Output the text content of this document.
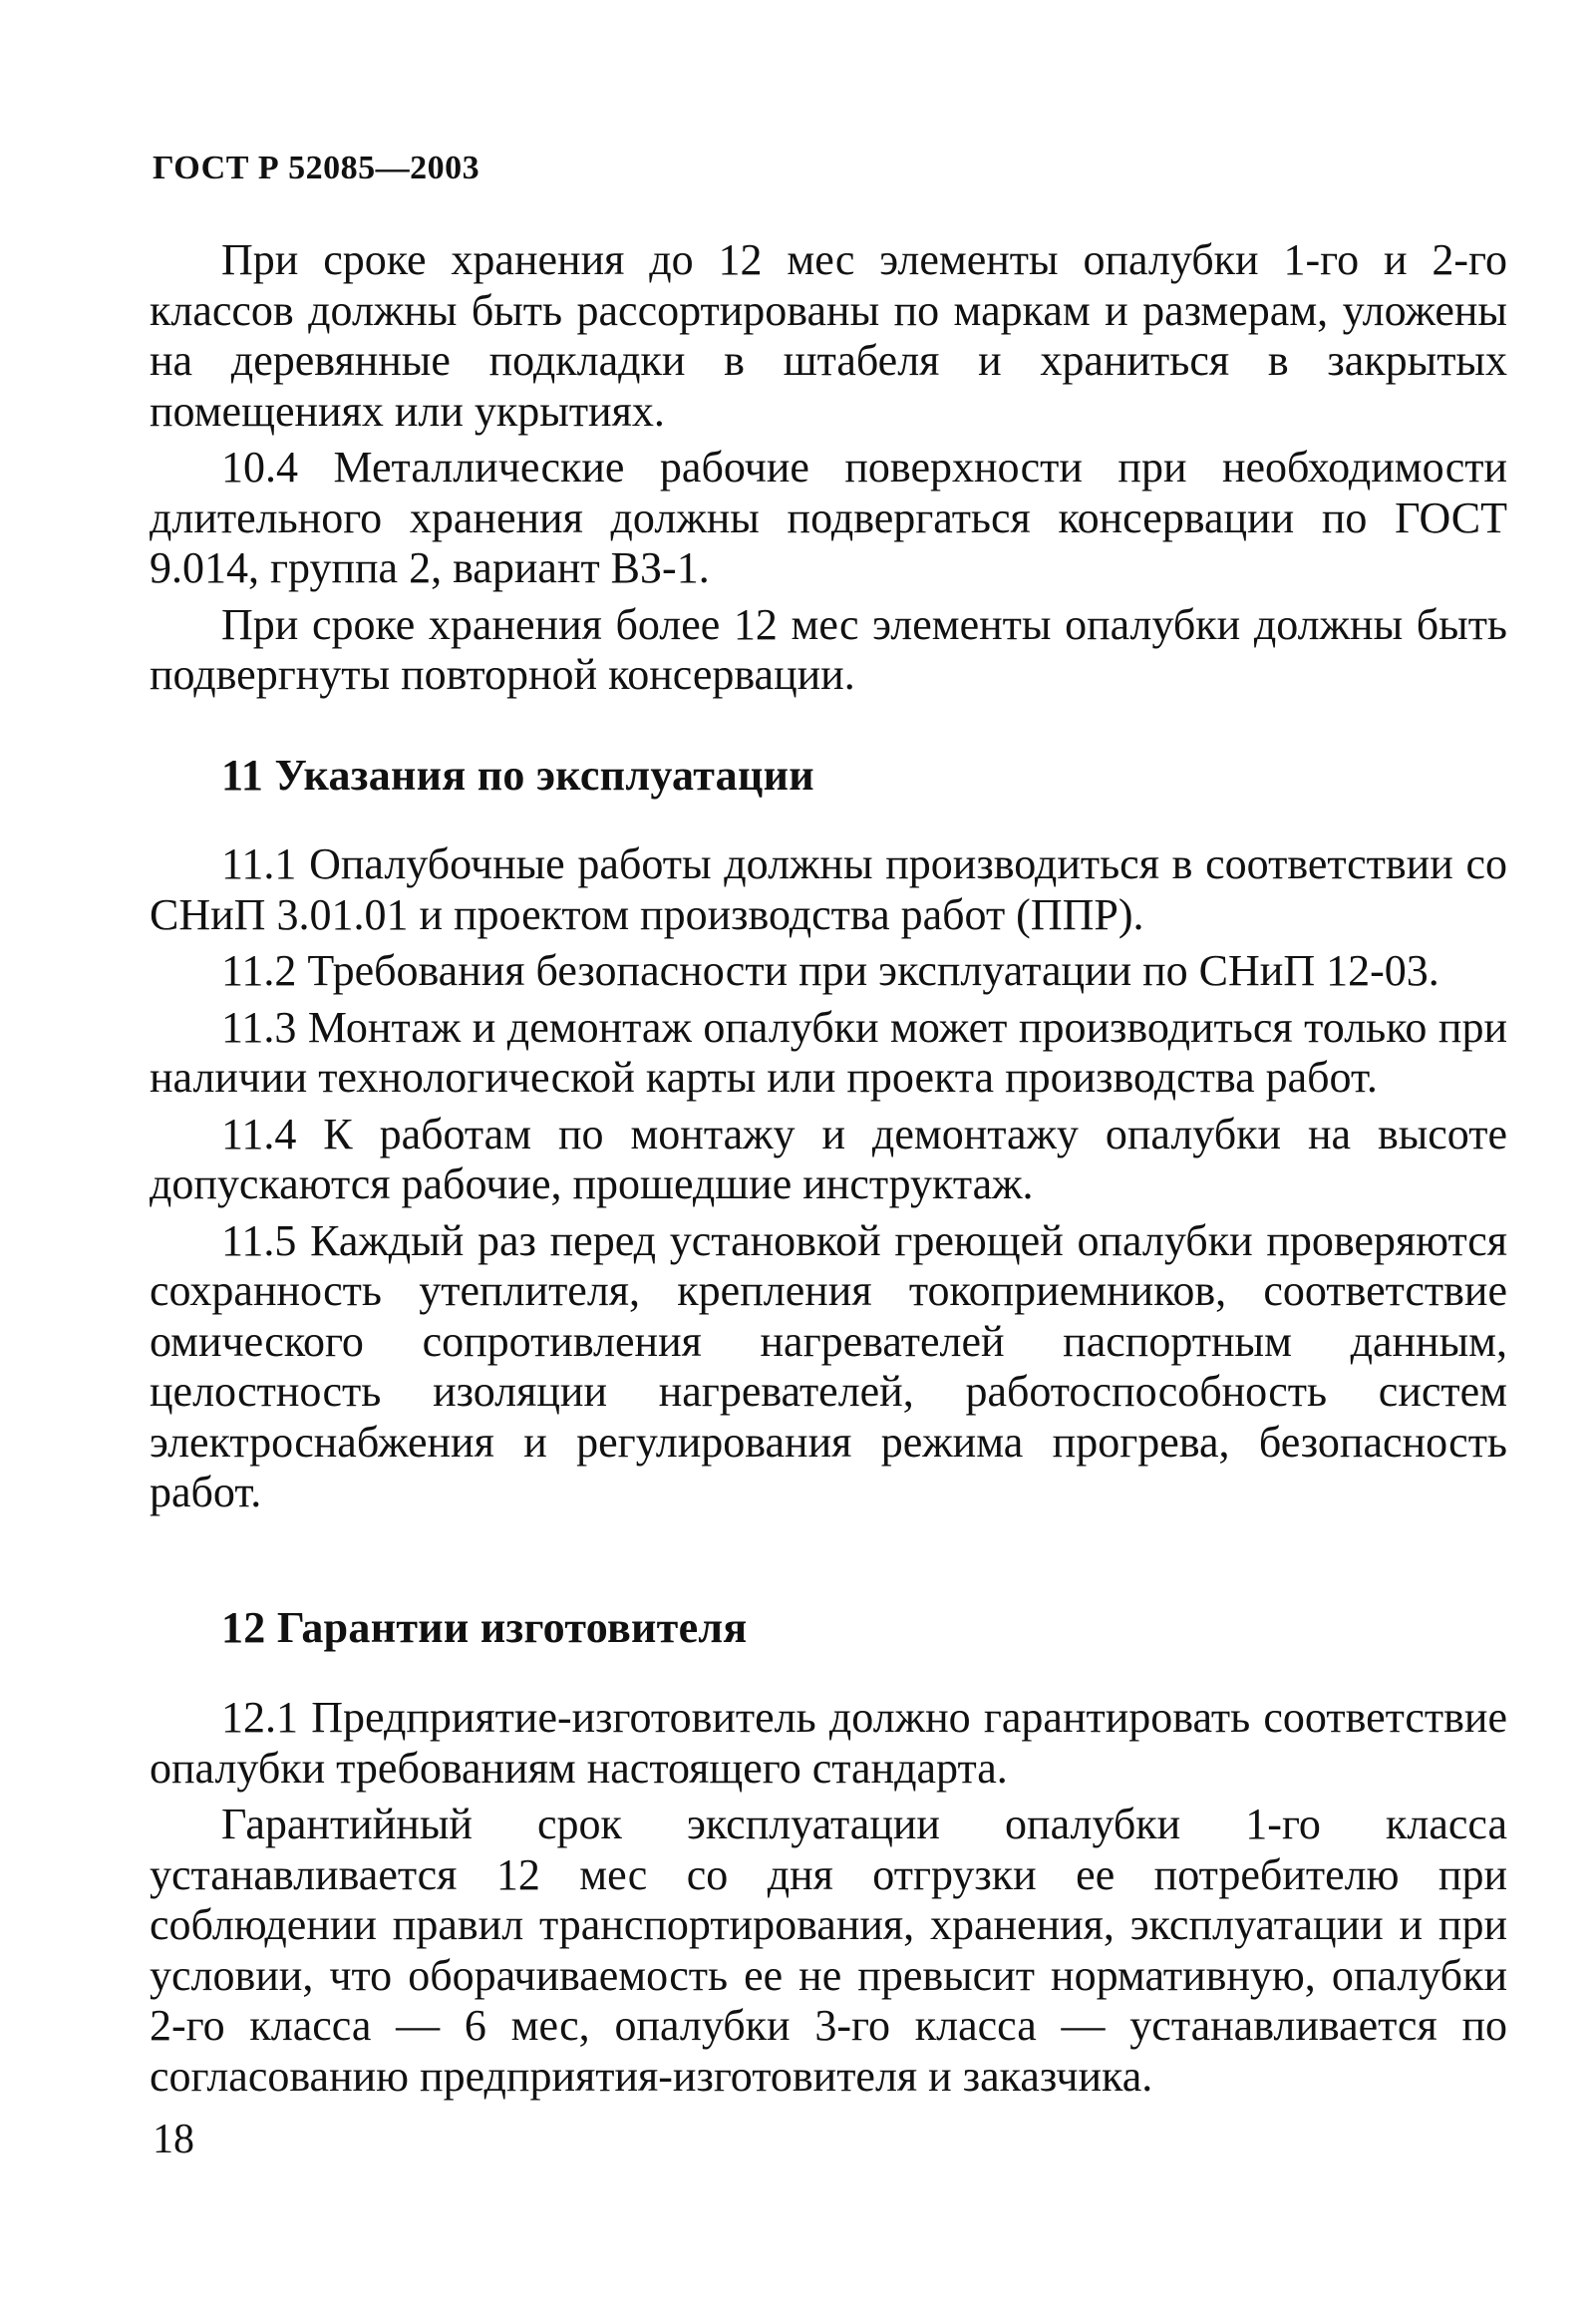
ГОСТ Р 52085—2003

При сроке хранения до 12 мес элементы опалубки 1-го и 2-го классов должны быть рассортированы по маркам и размерам, уложены на деревянные подкладки в штабеля и храниться в закрытых помещениях или укрытиях.

10.4 Металлические рабочие поверхности при необходимости длительного хранения должны подвергаться консервации по ГОСТ 9.014, группа 2, вариант ВЗ-1.

При сроке хранения более 12 мес элементы опалубки должны быть подвергнуты повторной консервации.

11 Указания по эксплуатации

11.1 Опалубочные работы должны производиться в соответствии со СНиП 3.01.01 и проектом производства работ (ППР).

11.2 Требования безопасности при эксплуатации по СНиП 12-03.

11.3 Монтаж и демонтаж опалубки может производиться только при наличии технологической карты или проекта производства работ.

11.4 К работам по монтажу и демонтажу опалубки на высоте допускаются рабочие, прошедшие инструктаж.

11.5 Каждый раз перед установкой греющей опалубки проверяются сохранность утеплителя, крепления токоприемников, соответствие омического сопротивления нагревателей паспортным данным, целостность изоляции нагревателей, работоспособность систем электроснабжения и регулирования режима прогрева, безопасность работ.

12 Гарантии изготовителя

12.1 Предприятие-изготовитель должно гарантировать соответствие опалубки требованиям настоящего стандарта.

Гарантийный срок эксплуатации опалубки 1-го класса устанавливается 12 мес со дня отгрузки ее потребителю при соблюдении правил транспортирования, хранения, эксплуатации и при условии, что оборачиваемость ее не превысит нормативную, опалубки 2-го класса — 6 мес, опалубки 3-го класса — устанавливается по согласованию предприятия-изготовителя и заказчика.

18
